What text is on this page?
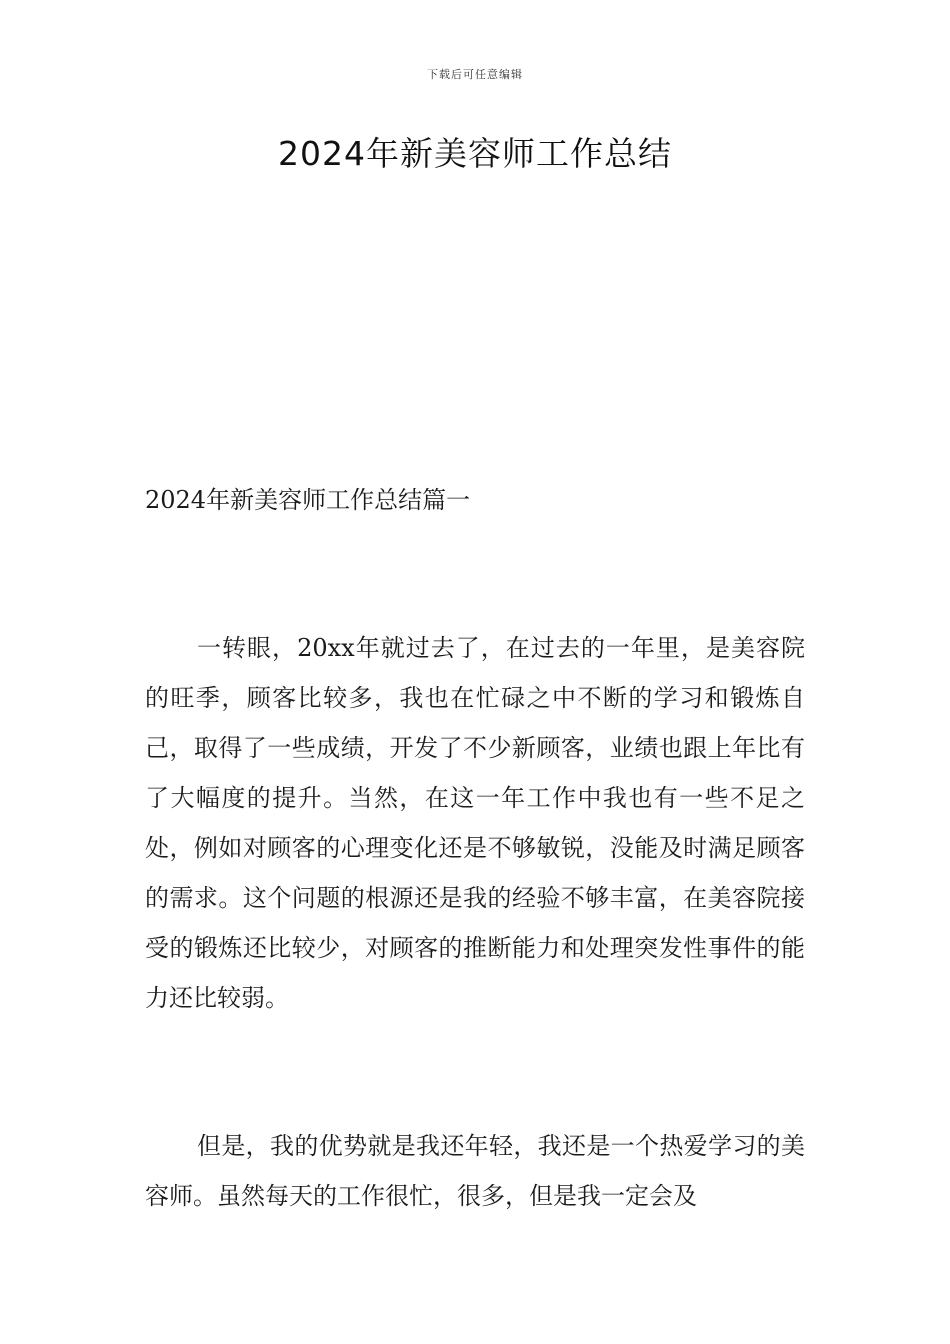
下载后可任意编辑
2024年新美容师工作总结
2024年新美容师工作总结篇一

一转眼，20xx年就过去了，在过去的一年里，是美容院的旺季，顾客比较多，我也在忙碌之中不断的学习和锻炼自己，取得了一些成绩，开发了不少新顾客，业绩也跟上年比有了大幅度的提升。当然，在这一年工作中我也有一些不足之处，例如对顾客的心理变化还是不够敏锐，没能及时满足顾客的需求。这个问题的根源还是我的经验不够丰富，在美容院接受的锻炼还比较少，对顾客的推断能力和处理突发性事件的能力还比较弱。

但是，我的优势就是我还年轻，我还是一个热爱学习的美容师。虽然每天的工作很忙，很多，但是我一定会及
